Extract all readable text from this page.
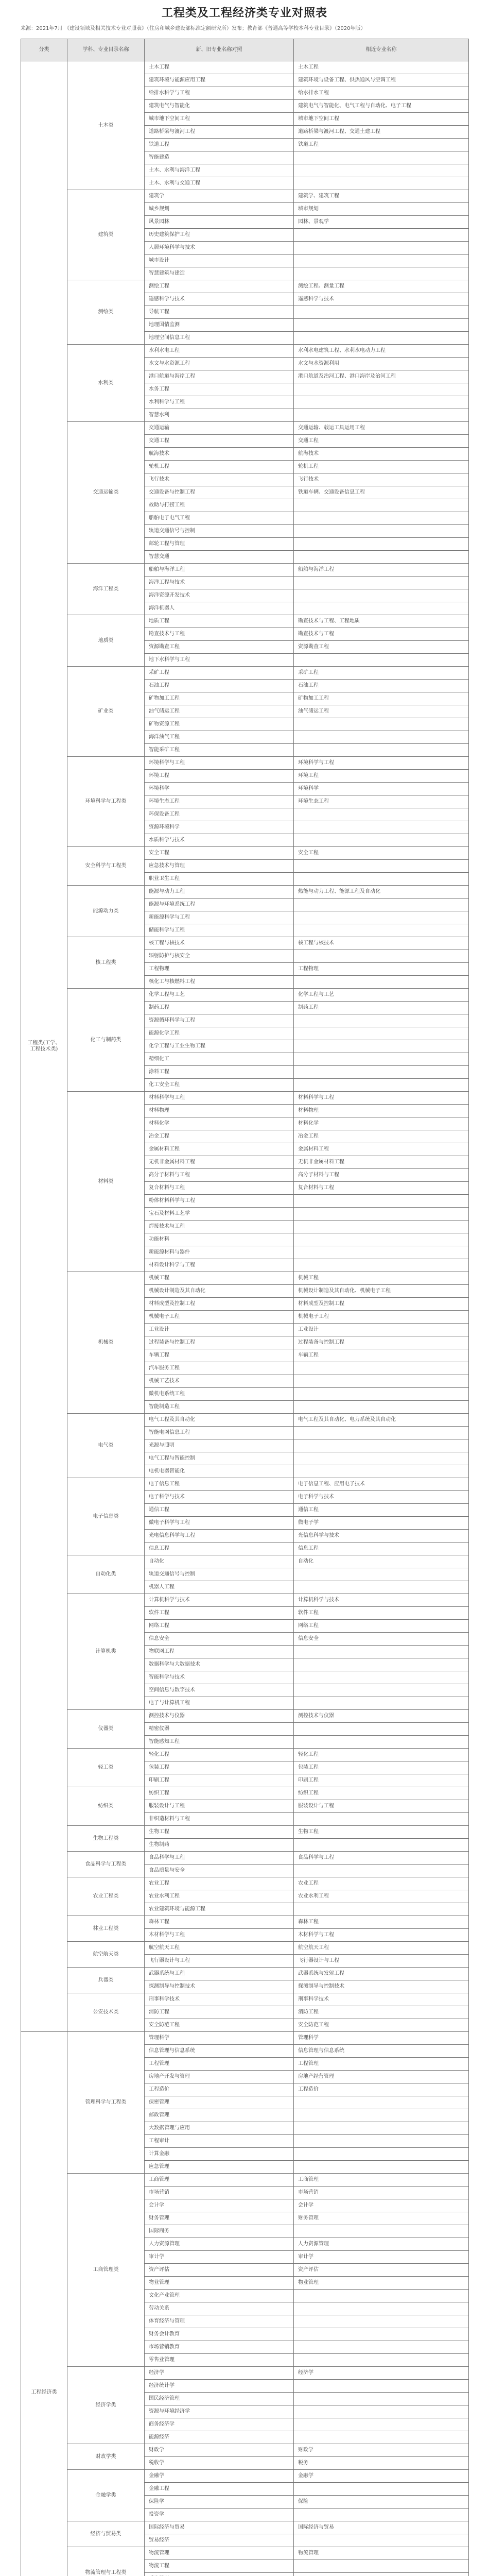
工程类及工程经济类专业对照表
来源：2021年7月 《建设领域及相关技术专业对照表》（住房和城乡建设部标准定额研究所）发布；教育部《普通高等学校本科专业目录》（2020年版）
分类	学科、专业目录名称	新、旧专业名称对照	相近专业名称
工程类(工学、工程技术类)	土木类	土木工程	土木工程
		建筑环境与能源应用工程	建筑环境与设备工程、供热通风与空调工程
		给排水科学与工程	给水排水工程
		建筑电气与智能化	建筑电气与智能化、电气工程与自动化、电子工程
		城市地下空间工程	城市地下空间工程
		道路桥梁与渡河工程	道路桥梁与渡河工程、交通土建工程
		铁道工程	铁道工程
		智能建造	
		土木、水利与海洋工程	
		土木、水利与交通工程	
	建筑类	建筑学	建筑学、建筑工程
		城乡规划	城市规划
		风景园林	园林、景观学
		历史建筑保护工程	
		人居环境科学与技术	
		城市设计	
		智慧建筑与建造	
	测绘类	测绘工程	测绘工程、测量工程
		遥感科学与技术	遥感科学与技术
		导航工程	
		地理国情监测	
		地理空间信息工程	
	水利类	水利水电工程	水利水电建筑工程、水利水电动力工程
		水文与水资源工程	水文与水资源利用
		港口航道与海岸工程	港口航道及治河工程、港口海岸及治河工程
		水务工程	
		水利科学与工程	
		智慧水利	
	交通运输类	交通运输	交通运输、载运工具运用工程
		交通工程	交通工程
		航海技术	航海技术
		轮机工程	轮机工程
		飞行技术	飞行技术
		交通设备与控制工程	铁道车辆、交通设备信息工程
		救助与打捞工程	
		船舶电子电气工程	
		轨道交通信号与控制	
		邮轮工程与管理	
		智慧交通	
	海洋工程类	船舶与海洋工程	船舶与海洋工程
		海洋工程与技术	
		海洋资源开发技术	
		海洋机器人	
	地质类	地质工程	勘查技术与工程、工程地质
		勘查技术与工程	勘查技术与工程
		资源勘查工程	资源勘查工程
		地下水科学与工程	
	矿业类	采矿工程	采矿工程
		石油工程	石油工程
		矿物加工工程	矿物加工工程
		油气储运工程	油气储运工程
		矿物资源工程	
		海洋油气工程	
		智能采矿工程	
	环境科学与工程类	环境科学与工程	环境科学与工程
		环境工程	环境工程
		环境科学	环境科学
		环境生态工程	环境生态工程
		环保设备工程	
		资源环境科学	
		水质科学与技术	
	安全科学与工程类	安全工程	安全工程
		应急技术与管理	
		职业卫生工程	
	能源动力类	能源与动力工程	热能与动力工程、能源工程及自动化
		能源与环境系统工程	
		新能源科学与工程	
		储能科学与工程	
	核工程类	核工程与核技术	核工程与核技术
		辐射防护与核安全	
		工程物理	工程物理
		核化工与核燃料工程	
	化工与制药类	化学工程与工艺	化学工程与工艺
		制药工程	制药工程
		资源循环科学与工程	
		能源化学工程	
		化学工程与工业生物工程	
		精细化工	
		涂料工程	
		化工安全工程	
	材料类	材料科学与工程	材料科学与工程
		材料物理	材料物理
		材料化学	材料化学
		冶金工程	冶金工程
		金属材料工程	金属材料工程
		无机非金属材料工程	无机非金属材料工程
		高分子材料与工程	高分子材料与工程
		复合材料与工程	复合材料与工程
		粉体材料科学与工程	
		宝石及材料工艺学	
		焊接技术与工程	
		功能材料	
		新能源材料与器件	
		材料设计科学与工程	
	机械类	机械工程	机械工程
		机械设计制造及其自动化	机械设计制造及其自动化、机械电子工程
		材料成型及控制工程	材料成型及控制工程
		机械电子工程	机械电子工程
		工业设计	工业设计
		过程装备与控制工程	过程装备与控制工程
		车辆工程	车辆工程
		汽车服务工程	
		机械工艺技术	
		微机电系统工程	
		智能制造工程	
	电气类	电气工程及其自动化	电气工程及其自动化、电力系统及其自动化
		智能电网信息工程	
		光源与照明	
		电气工程与智能控制	
		电机电器智能化	
	电子信息类	电子信息工程	电子信息工程、应用电子技术
		电子科学与技术	电子科学与技术
		通信工程	通信工程
		微电子科学与工程	微电子学
		光电信息科学与工程	光信息科学与技术
		信息工程	信息工程
	自动化类	自动化	自动化
		轨道交通信号与控制	
		机器人工程	
	计算机类	计算机科学与技术	计算机科学与技术
		软件工程	软件工程
		网络工程	网络工程
		信息安全	信息安全
		物联网工程	
		数据科学与大数据技术	
		智能科学与技术	
		空间信息与数字技术	
		电子与计算机工程	
	仪器类	测控技术与仪器	测控技术与仪器
		精密仪器	
		智能感知工程	
	轻工类	轻化工程	轻化工程
		包装工程	包装工程
		印刷工程	印刷工程
	纺织类	纺织工程	纺织工程
		服装设计与工程	服装设计与工程
		非织造材料与工程	
	生物工程类	生物工程	生物工程
		生物制药	
	食品科学与工程类	食品科学与工程	食品科学与工程
		食品质量与安全	
	农业工程类	农业工程	农业工程
		农业水利工程	农业水利工程
		农业建筑环境与能源工程	
	林业工程类	森林工程	森林工程
		木材科学与工程	木材科学与工程
	航空航天类	航空航天工程	航空航天工程
		飞行器设计与工程	飞行器设计与工程
	兵器类	武器系统与工程	武器系统与发射工程
		探测制导与控制技术	探测制导与控制技术
	公安技术类	刑事科学技术	刑事科学技术
		消防工程	消防工程
		安全防范工程	安全防范工程
工程经济类	管理科学与工程类	管理科学	管理科学
		信息管理与信息系统	信息管理与信息系统
		工程管理	工程管理
		房地产开发与管理	房地产经营管理
		工程造价	工程造价
		保密管理	
		邮政管理	
		大数据管理与应用	
		工程审计	
		计算金融	
		应急管理	
	工商管理类	工商管理	工商管理
		市场营销	市场营销
		会计学	会计学
		财务管理	财务管理
		国际商务	
		人力资源管理	人力资源管理
		审计学	审计学
		资产评估	资产评估
		物业管理	物业管理
		文化产业管理	
		劳动关系	
		体育经济与管理	
		财务会计教育	
		市场营销教育	
		零售业管理	
	经济学类	经济学	经济学
		经济统计学	
		国民经济管理	
		资源与环境经济学	
		商务经济学	
		能源经济	
	财政学类	财政学	财政学
		税收学	税务
	金融学类	金融学	金融学
		金融工程	
		保险学	保险
		投资学	
	经济与贸易类	国际经济与贸易	国际经济与贸易
		贸易经济	
	物流管理与工程类	物流管理	物流管理
		物流工程	
